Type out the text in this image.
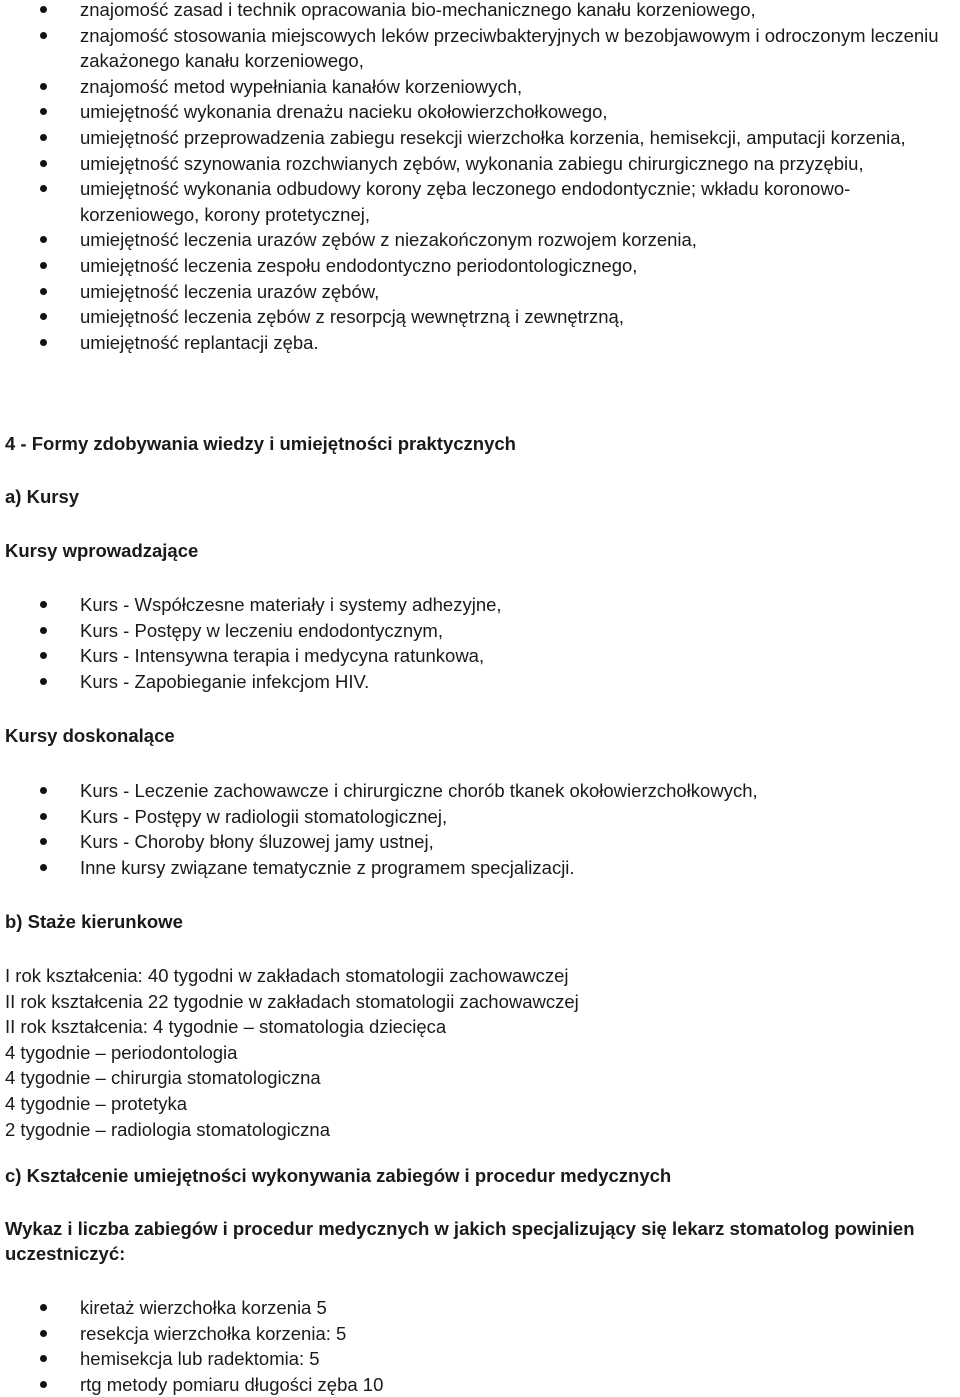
znajomość zasad i technik opracowania bio-mechanicznego kanału korzeniowego,
znajomość stosowania miejscowych leków przeciwbakteryjnych w bezobjawowym i odroczonym leczeniu zakażonego kanału korzeniowego,
znajomość metod wypełniania kanałów korzeniowych,
umiejętność wykonania drenażu nacieku okołowierzchołkowego,
umiejętność przeprowadzenia zabiegu resekcji wierzchołka korzenia, hemisekcji, amputacji korzenia,
umiejętność szynowania rozchwianych zębów, wykonania zabiegu chirurgicznego na przyzębiu,
umiejętność wykonania odbudowy korony zęba leczonego endodontycznie; wkładu koronowo-korzeniowego, korony protetycznej,
umiejętność leczenia urazów zębów z niezakończonym rozwojem korzenia,
umiejętność leczenia zespołu endodontyczno periodontologicznego,
umiejętność leczenia urazów zębów,
umiejętność leczenia zębów z resorpcją wewnętrzną i zewnętrzną,
umiejętność replantacji zęba.
4 - Formy zdobywania wiedzy i umiejętności praktycznych
a) Kursy
Kursy wprowadzające
Kurs - Współczesne materiały i systemy adhezyjne,
Kurs - Postępy w leczeniu endodontycznym,
Kurs - Intensywna terapia i medycyna ratunkowa,
Kurs - Zapobieganie infekcjom HIV.
Kursy doskonalące
Kurs - Leczenie zachowawcze i chirurgiczne chorób tkanek okołowierzchołkowych,
Kurs - Postępy w radiologii stomatologicznej,
Kurs - Choroby błony śluzowej jamy ustnej,
Inne kursy związane tematycznie z programem specjalizacji.
b) Staże kierunkowe
I rok kształcenia: 40 tygodni w zakładach stomatologii zachowawczej
II rok kształcenia 22 tygodnie w zakładach stomatologii zachowawczej
II rok kształcenia: 4 tygodnie – stomatologia dziecięca
4 tygodnie – periodontologia
4 tygodnie – chirurgia stomatologiczna
4 tygodnie – protetyka
2 tygodnie – radiologia stomatologiczna
c) Kształcenie umiejętności wykonywania zabiegów i procedur medycznych
Wykaz i liczba zabiegów i procedur medycznych w jakich specjalizujący się lekarz stomatolog powinien uczestniczyć:
kiretaż wierzchołka korzenia 5
resekcja wierzchołka korzenia: 5
hemisekcja lub radektomia: 5
rtg metody pomiaru długości zęba 10
